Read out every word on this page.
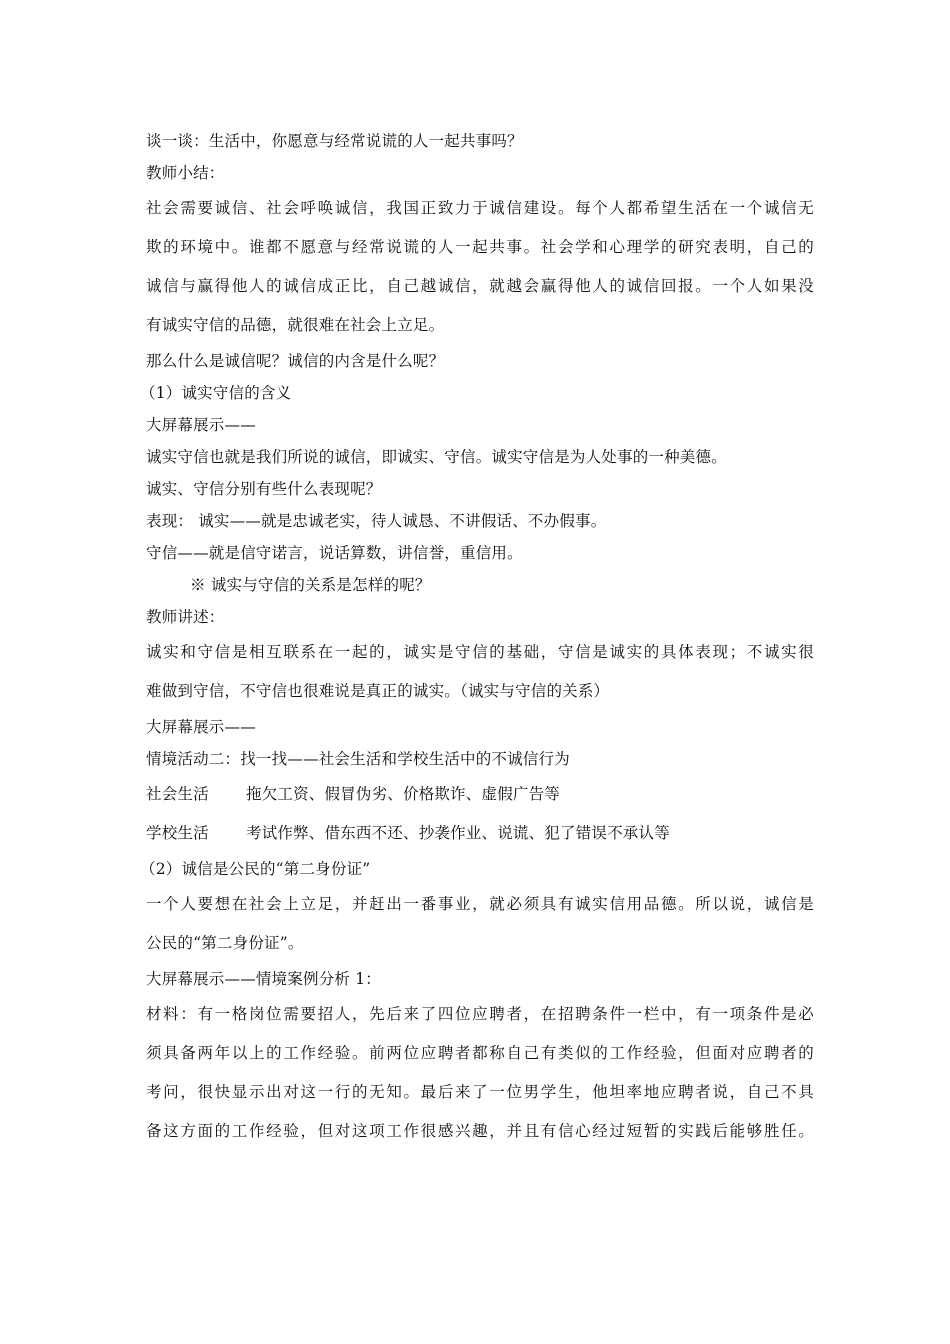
谈一谈：生活中，你愿意与经常说谎的人一起共事吗？
教师小结：
社会需要诚信、社会呼唤诚信，我国正致力于诚信建设。每个人都希望生活在一个诚信无
欺的环境中。谁都不愿意与经常说谎的人一起共事。社会学和心理学的研究表明，自己的
诚信与赢得他人的诚信成正比，自己越诚信，就越会赢得他人的诚信回报。一个人如果没
有诚实守信的品德，就很难在社会上立足。
那么什么是诚信呢？诚信的内含是什么呢？
（1）诚实守信的含义
大屏幕展示——
诚实守信也就是我们所说的诚信，即诚实、守信。诚实守信是为人处事的一种美德。
诚实、守信分别有些什么表现呢？
表现： 诚实——就是忠诚老实，待人诚恳、不讲假话、不办假事。
守信——就是信守诺言，说话算数，讲信誉，重信用。
※ 诚实与守信的关系是怎样的呢？
教师讲述：
诚实和守信是相互联系在一起的，诚实是守信的基础，守信是诚实的具体表现；不诚实很
难做到守信，不守信也很难说是真正的诚实。（诚实与守信的关系）
大屏幕展示——
情境活动二：找一找——社会生活和学校生活中的不诚信行为
社会生活 拖欠工资、假冒伪劣、价格欺诈、虚假广告等
学校生活 考试作弊、借东西不还、抄袭作业、说谎、犯了错误不承认等
（2）诚信是公民的“第二身份证”
一个人要想在社会上立足，并赶出一番事业，就必须具有诚实信用品德。所以说，诚信是
公民的“第二身份证”。
大屏幕展示——情境案例分析 1：
材料：有一格岗位需要招人，先后来了四位应聘者，在招聘条件一栏中，有一项条件是必
须具备两年以上的工作经验。前两位应聘者都称自己有类似的工作经验，但面对应聘者的
考问，很快显示出对这一行的无知。最后来了一位男学生，他坦率地应聘者说，自己不具
备这方面的工作经验，但对这项工作很感兴趣，并且有信心经过短暂的实践后能够胜任。
